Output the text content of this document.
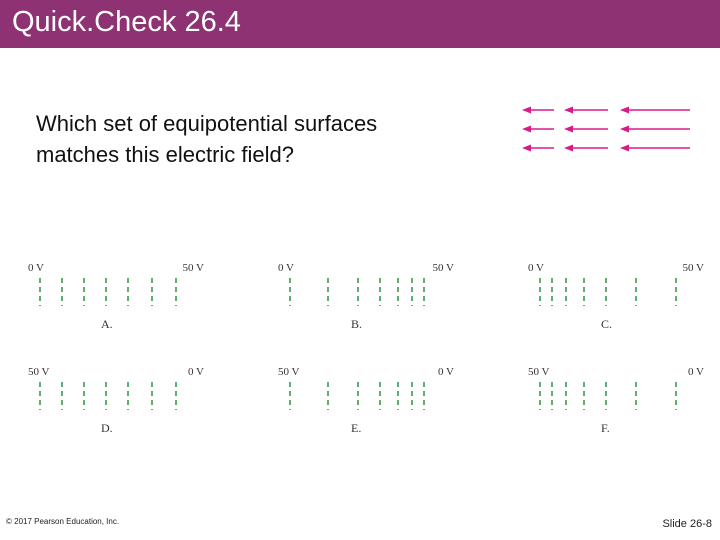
Quick.Check 26.4
Which set of equipotential surfaces
matches this electric field?
0 V	50 V
A.
0 V	50 V
B.
0 V	50 V
C.
50 V	0 V
D.
50 V	0 V
E.
50 V	0 V
F.
© 2017 Pearson Education, Inc.	Slide 26-8
